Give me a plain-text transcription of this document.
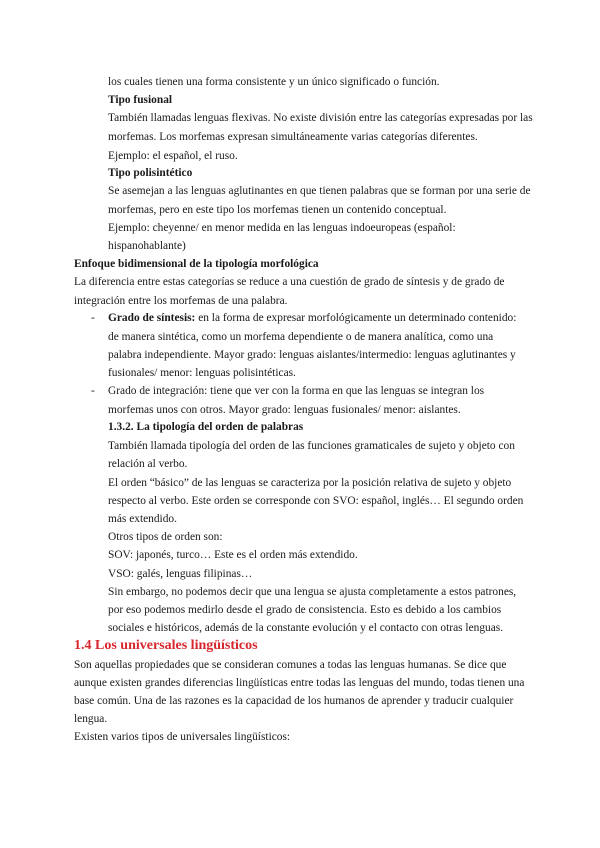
los cuales tienen una forma consistente y un único significado o función.
Tipo fusional
También llamadas lenguas flexivas. No existe división entre las categorías expresadas por las
morfemas. Los morfemas expresan simultáneamente varias categorías diferentes.
Ejemplo: el español, el ruso.
Tipo polisintético
Se asemejan a las lenguas aglutinantes en que tienen palabras que se forman por una serie de
morfemas, pero en este tipo los morfemas tienen un contenido conceptual.
Ejemplo: cheyenne/ en menor medida en las lenguas indoeuropeas (español:
hispanohablante)
Enfoque bidimensional de la tipología morfológica
La diferencia entre estas categorías se reduce a una cuestión de grado de síntesis y de grado de
integración entre los morfemas de una palabra.
- Grado de síntesis: en la forma de expresar morfológicamente un determinado contenido:
de manera sintética, como un morfema dependiente o de manera analítica, como una
palabra independiente. Mayor grado: lenguas aislantes/intermedio: lenguas aglutinantes y
fusionales/ menor: lenguas polisintéticas.
- Grado de integración: tiene que ver con la forma en que las lenguas se integran los
morfemas unos con otros. Mayor grado: lenguas fusionales/ menor: aislantes.
1.3.2. La tipología del orden de palabras
También llamada tipología del orden de las funciones gramaticales de sujeto y objeto con
relación al verbo.
El orden “básico” de las lenguas se caracteriza por la posición relativa de sujeto y objeto
respecto al verbo. Este orden se corresponde con SVO: español, inglés… El segundo orden
más extendido.
Otros tipos de orden son:
SOV: japonés, turco… Este es el orden más extendido.
VSO: galés, lenguas filipinas…
Sin embargo, no podemos decir que una lengua se ajusta completamente a estos patrones,
por eso podemos medirlo desde el grado de consistencia. Esto es debido a los cambios
sociales e históricos, además de la constante evolución y el contacto con otras lenguas.
1.4 Los universales lingüísticos
Son aquellas propiedades que se consideran comunes a todas las lenguas humanas. Se dice que
aunque existen grandes diferencias lingüísticas entre todas las lenguas del mundo, todas tienen una
base común. Una de las razones es la capacidad de los humanos de aprender y traducir cualquier
lengua.
Existen varios tipos de universales lingüísticos:
